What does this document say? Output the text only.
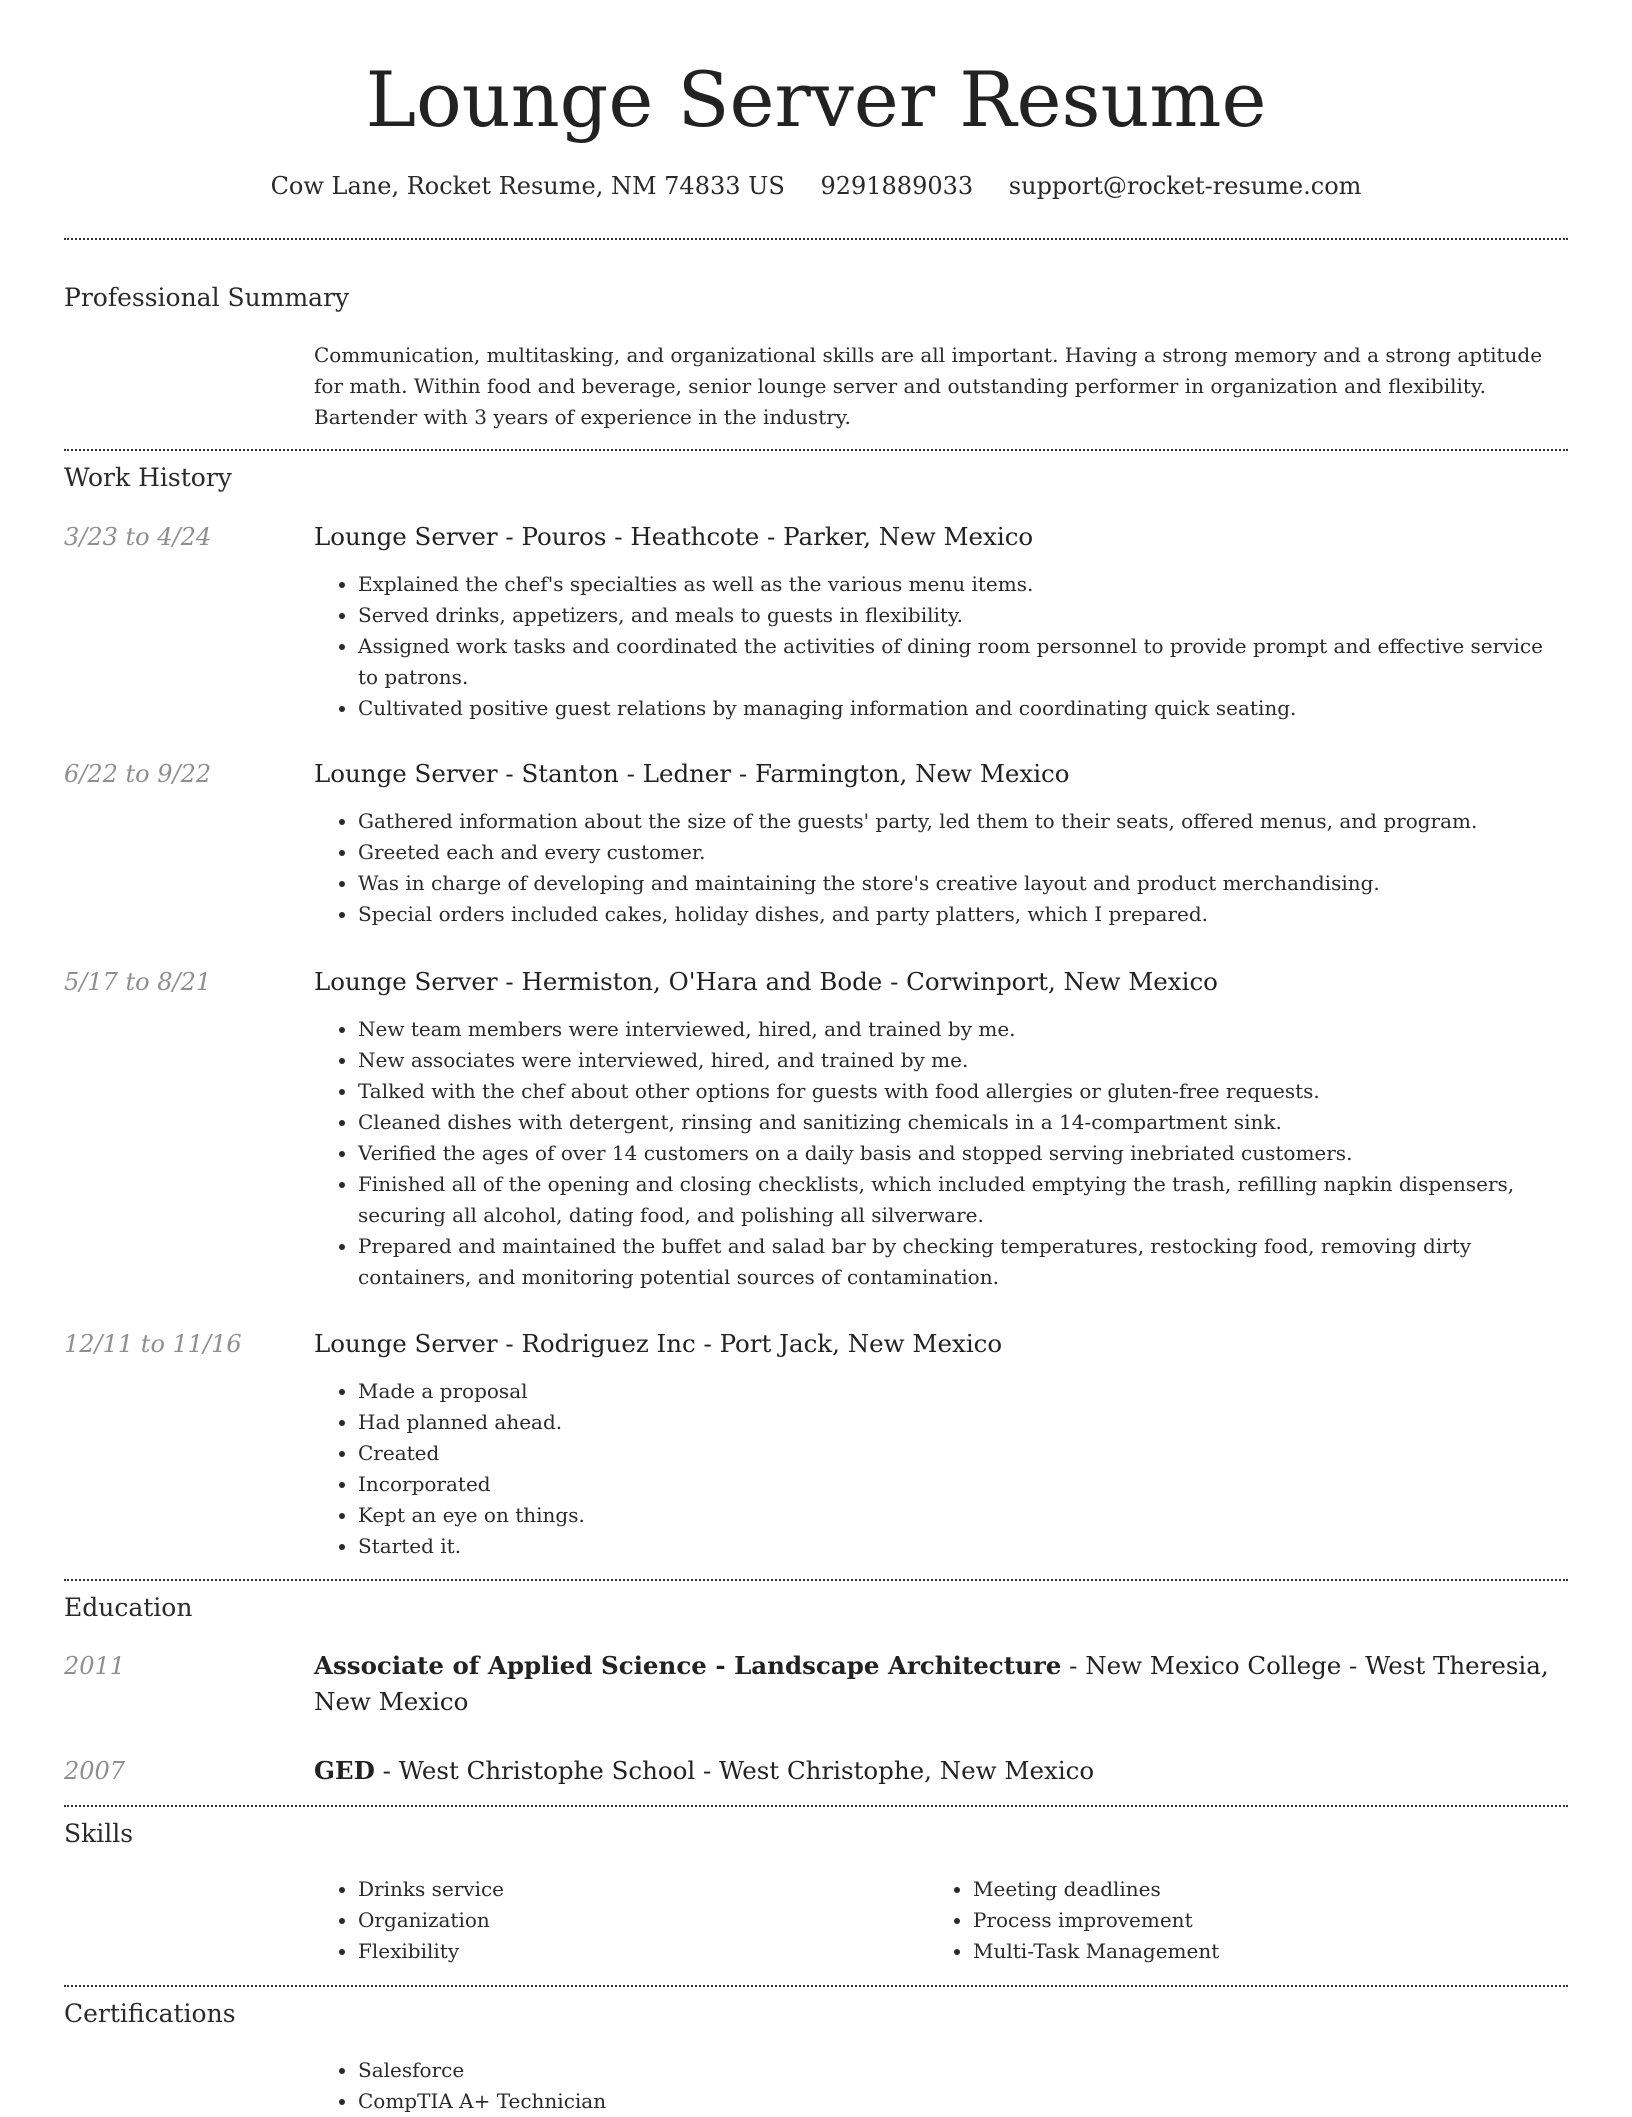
Lounge Server Resume
Cow Lane, Rocket Resume, NM 74833 US 9291889033 support@rocket-resume.com
Professional Summary

Communication, multitasking, and organizational skills are all important. Having a strong memory and a strong aptitude for math. Within food and beverage, senior lounge server and outstanding performer in organization and flexibility. Bartender with 3 years of experience in the industry.

Work History
3/23 to 4/24	Lounge Server - Pouros - Heathcote - Parker, New Mexico
• Explained the chef's specialties as well as the various menu items.
• Served drinks, appetizers, and meals to guests in flexibility.
• Assigned work tasks and coordinated the activities of dining room personnel to provide prompt and effective service to patrons.
• Cultivated positive guest relations by managing information and coordinating quick seating.
6/22 to 9/22	Lounge Server - Stanton - Ledner - Farmington, New Mexico
• Gathered information about the size of the guests' party, led them to their seats, offered menus, and program.
• Greeted each and every customer.
• Was in charge of developing and maintaining the store's creative layout and product merchandising.
• Special orders included cakes, holiday dishes, and party platters, which I prepared.
5/17 to 8/21	Lounge Server - Hermiston, O'Hara and Bode - Corwinport, New Mexico
• New team members were interviewed, hired, and trained by me.
• New associates were interviewed, hired, and trained by me.
• Talked with the chef about other options for guests with food allergies or gluten-free requests.
• Cleaned dishes with detergent, rinsing and sanitizing chemicals in a 14-compartment sink.
• Verified the ages of over 14 customers on a daily basis and stopped serving inebriated customers.
• Finished all of the opening and closing checklists, which included emptying the trash, refilling napkin dispensers, securing all alcohol, dating food, and polishing all silverware.
• Prepared and maintained the buffet and salad bar by checking temperatures, restocking food, removing dirty containers, and monitoring potential sources of contamination.
12/11 to 11/16	Lounge Server - Rodriguez Inc - Port Jack, New Mexico
• Made a proposal
• Had planned ahead.
• Created
• Incorporated
• Kept an eye on things.
• Started it.
Education
2011	Associate of Applied Science - Landscape Architecture - New Mexico College - West Theresia, New Mexico

2007	GED - West Christophe School - West Christophe, New Mexico

Skills
• Drinks service
• Organization
• Flexibility
• Meeting deadlines
• Process improvement
• Multi-Task Management
Certifications
• Salesforce
• CompTIA A+ Technician
